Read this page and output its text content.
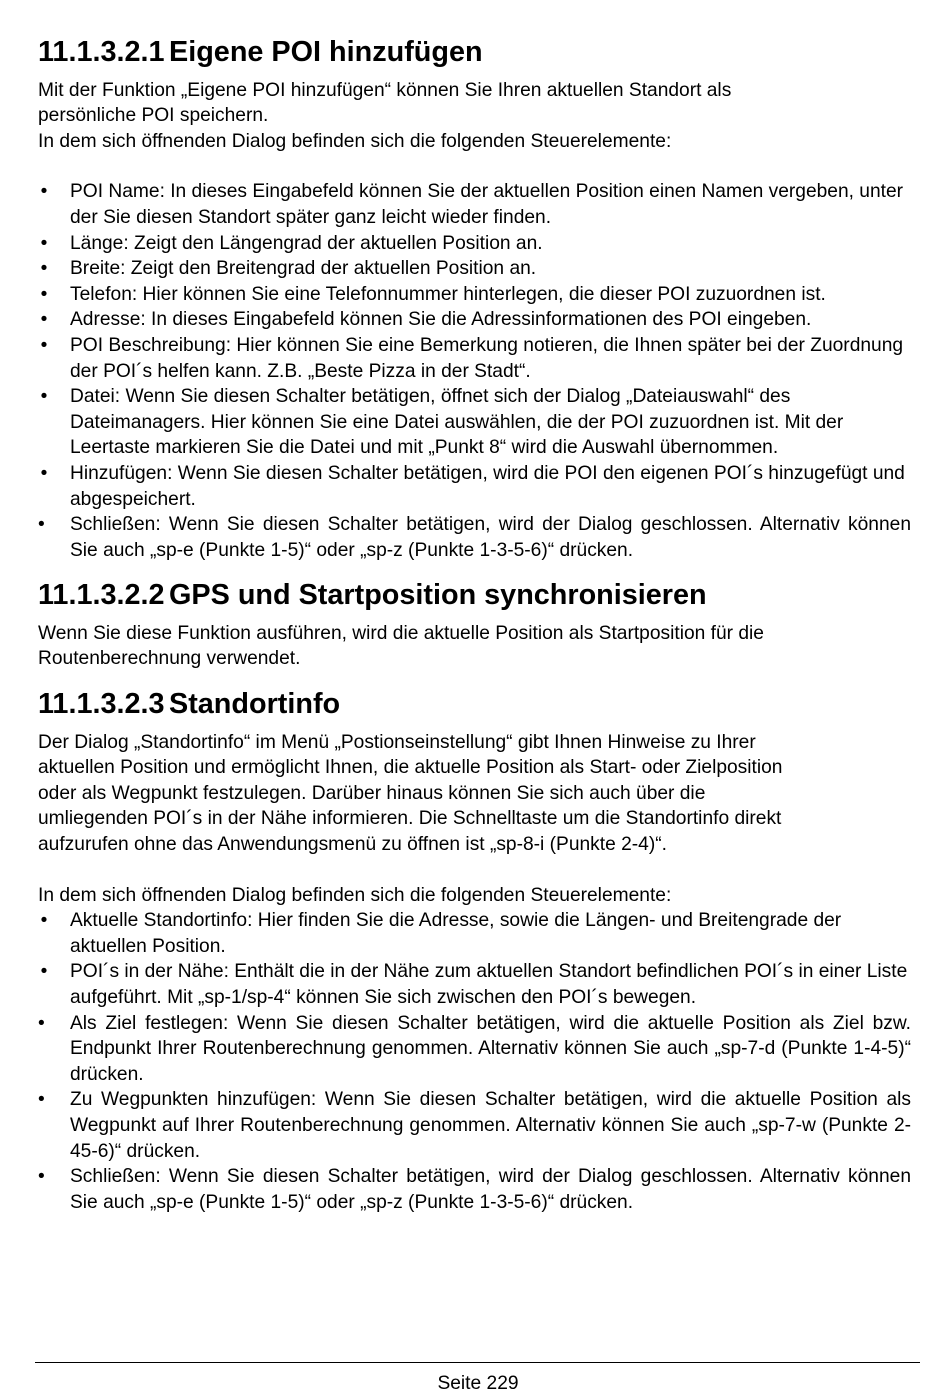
11.1.3.2.1 Eigene POI hinzufügen

Mit der Funktion „Eigene POI hinzufügen“ können Sie Ihren aktuellen Standort als
persönliche POI speichern.
In dem sich öffnenden Dialog befinden sich die folgenden Steuerelemente:

• POI Name: In dieses Eingabefeld können Sie der aktuellen Position einen Namen vergeben, unter der Sie diesen Standort später ganz leicht wieder finden.
• Länge: Zeigt den Längengrad der aktuellen Position an.
• Breite: Zeigt den Breitengrad der aktuellen Position an.
• Telefon: Hier können Sie eine Telefonnummer hinterlegen, die dieser POI zuzuordnen ist.
• Adresse: In dieses Eingabefeld können Sie die Adressinformationen des POI eingeben.
• POI Beschreibung: Hier können Sie eine Bemerkung notieren, die Ihnen später bei der Zuordnung der POI´s helfen kann. Z.B. „Beste Pizza in der Stadt“.
• Datei: Wenn Sie diesen Schalter betätigen, öffnet sich der Dialog „Dateiauswahl“ des Dateimanagers. Hier können Sie eine Datei auswählen, die der POI zuzuordnen ist. Mit der Leertaste markieren Sie die Datei und mit „Punkt 8“ wird die Auswahl übernommen.
• Hinzufügen: Wenn Sie diesen Schalter betätigen, wird die POI den eigenen POI´s hinzugefügt und abgespeichert.
• Schließen: Wenn Sie diesen Schalter betätigen, wird der Dialog geschlossen. Alternativ können Sie auch „sp-e (Punkte 1-5)“ oder „sp-z (Punkte 1-3-5-6)“ drücken.
11.1.3.2.2 GPS und Startposition synchronisieren

Wenn Sie diese Funktion ausführen, wird die aktuelle Position als Startposition für die
Routenberechnung verwendet.

11.1.3.2.3 Standortinfo

Der Dialog „Standortinfo“ im Menü „Postionseinstellung“ gibt Ihnen Hinweise zu Ihrer
aktuellen Position und ermöglicht Ihnen, die aktuelle Position als Start- oder Zielposition
oder als Wegpunkt festzulegen. Darüber hinaus können Sie sich auch über die
umliegenden POI´s in der Nähe informieren. Die Schnelltaste um die Standortinfo direkt
aufzurufen ohne das Anwendungsmenü zu öffnen ist „sp-8-i (Punkte 2-4)“.

In dem sich öffnenden Dialog befinden sich die folgenden Steuerelemente:

• Aktuelle Standortinfo: Hier finden Sie die Adresse, sowie die Längen- und Breitengrade der aktuellen Position.
• POI´s in der Nähe: Enthält die in der Nähe zum aktuellen Standort befindlichen POI´s in einer Liste aufgeführt. Mit „sp-1/sp-4“ können Sie sich zwischen den POI´s bewegen.
• Als Ziel festlegen: Wenn Sie diesen Schalter betätigen, wird die aktuelle Position als Ziel bzw. Endpunkt Ihrer Routenberechnung genommen. Alternativ können Sie auch „sp-7-d (Punkte 1-4-5)“ drücken.
• Zu Wegpunkten hinzufügen: Wenn Sie diesen Schalter betätigen, wird die aktuelle Position als Wegpunkt auf Ihrer Routenberechnung genommen. Alternativ können Sie auch „sp-7-w (Punkte 2-45-6)“ drücken.
• Schließen: Wenn Sie diesen Schalter betätigen, wird der Dialog geschlossen. Alternativ können Sie auch „sp-e (Punkte 1-5)“ oder „sp-z (Punkte 1-3-5-6)“ drücken.
Seite 229
